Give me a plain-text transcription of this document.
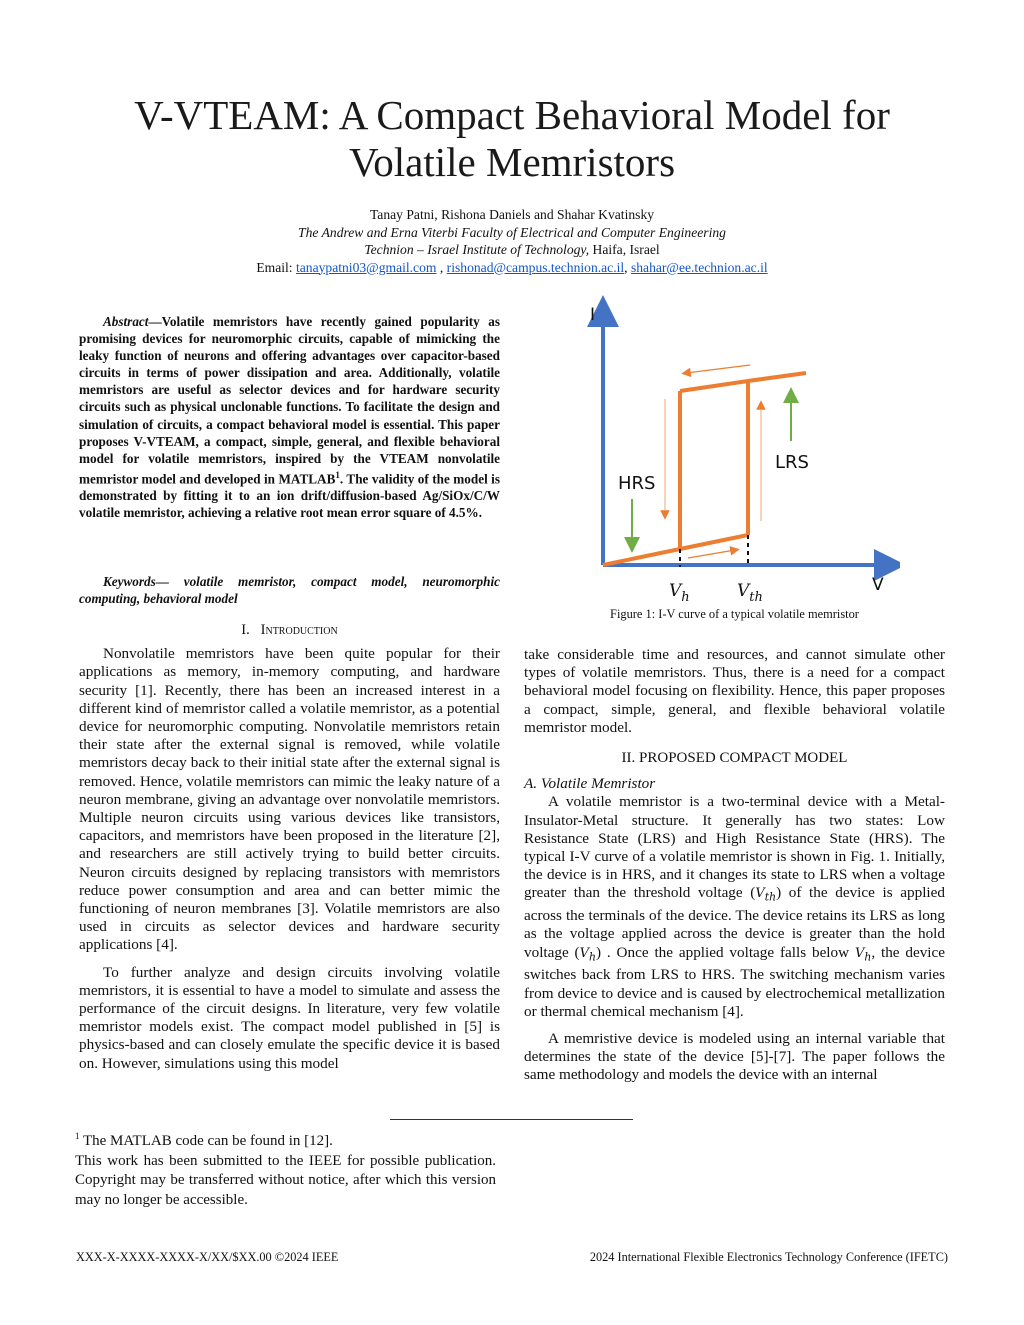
V-VTEAM: A Compact Behavioral Model for
Volatile Memristors
Tanay Patni, Rishona Daniels and Shahar Kvatinsky
The Andrew and Erna Viterbi Faculty of Electrical and Computer Engineering
Technion – Israel Institute of Technology, Haifa, Israel
Email: tanaypatni03@gmail.com , rishonad@campus.technion.ac.il, shahar@ee.technion.ac.il
Abstract—Volatile memristors have recently gained popularity as promising devices for neuromorphic circuits, capable of mimicking the leaky function of neurons and offering advantages over capacitor-based circuits in terms of power dissipation and area. Additionally, volatile memristors are useful as selector devices and for hardware security circuits such as physical unclonable functions. To facilitate the design and simulation of circuits, a compact behavioral model is essential. This paper proposes V-VTEAM, a compact, simple, general, and flexible behavioral model for volatile memristors, inspired by the VTEAM nonvolatile memristor model and developed in MATLAB$^1$. The validity of the model is demonstrated by fitting it to an ion drift/diffusion-based Ag/SiOx/C/W volatile memristor, achieving a relative root mean error square of 4.5%.
Keywords— volatile memristor, compact model, neuromorphic computing, behavioral model
I. Introduction

Nonvolatile memristors have been quite popular for their applications as memory, in-memory computing, and hardware security [1]. Recently, there has been an increased interest in a different kind of memristor called a volatile memristor, as a potential device for neuromorphic computing. Nonvolatile memristors retain their state after the external signal is removed, while volatile memristors decay back to their initial state after the external signal is removed. Hence, volatile memristors can mimic the leaky nature of a neuron membrane, giving an advantage over nonvolatile memristors. Multiple neuron circuits using various devices like transistors, capacitors, and memristors have been proposed in the literature [2], and researchers are still actively trying to build better circuits. Neuron circuits designed by replacing transistors with memristors reduce power consumption and area and can better mimic the functioning of neuron membranes [3]. Volatile memristors are also used in circuits as selector devices and hardware security applications [4].

To further analyze and design circuits involving volatile memristors, it is essential to have a model to simulate and assess the performance of the circuit designs. In literature, very few volatile memristor models exist. The compact model published in [5] is physics-based and can closely emulate the specific device it is based on. However, simulations using this model

I
V
HRS
LRS
$V_h$	$V_{th}$
Figure 1: I-V curve of a typical volatile memristor

take considerable time and resources, and cannot simulate other types of volatile memristors. Thus, there is a need for a compact behavioral model focusing on flexibility. Hence, this paper proposes a compact, simple, general, and flexible behavioral volatile memristor model.

II. PROPOSED COMPACT MODEL
A. Volatile Memristor

A volatile memristor is a two-terminal device with a Metal-Insulator-Metal structure. It generally has two states: Low Resistance State (LRS) and High Resistance State (HRS). The typical I-V curve of a volatile memristor is shown in Fig. 1. Initially, the device is in HRS, and it changes its state to LRS when a voltage greater than the threshold voltage $(V_{th})$ of the device is applied across the terminals of the device. The device retains its LRS as long as the voltage applied across the device is greater than the hold voltage $(V_h)$ . Once the applied voltage falls below $V_h$, the device switches back from LRS to HRS. The switching mechanism varies from device to device and is caused by electrochemical metallization or thermal chemical mechanism [4].

A memristive device is modeled using an internal variable that determines the state of the device [5]-[7]. The paper follows the same methodology and models the device with an internal

$^1$ The MATLAB code can be found in [12].
This work has been submitted to the IEEE for possible publication. Copyright may be transferred without notice, after which this version may no longer be accessible.
XXX-X-XXXX-XXXX-X/XX/$XX.00 ©2024 IEEE	2024 International Flexible Electronics Technology Conference (IFETC)
